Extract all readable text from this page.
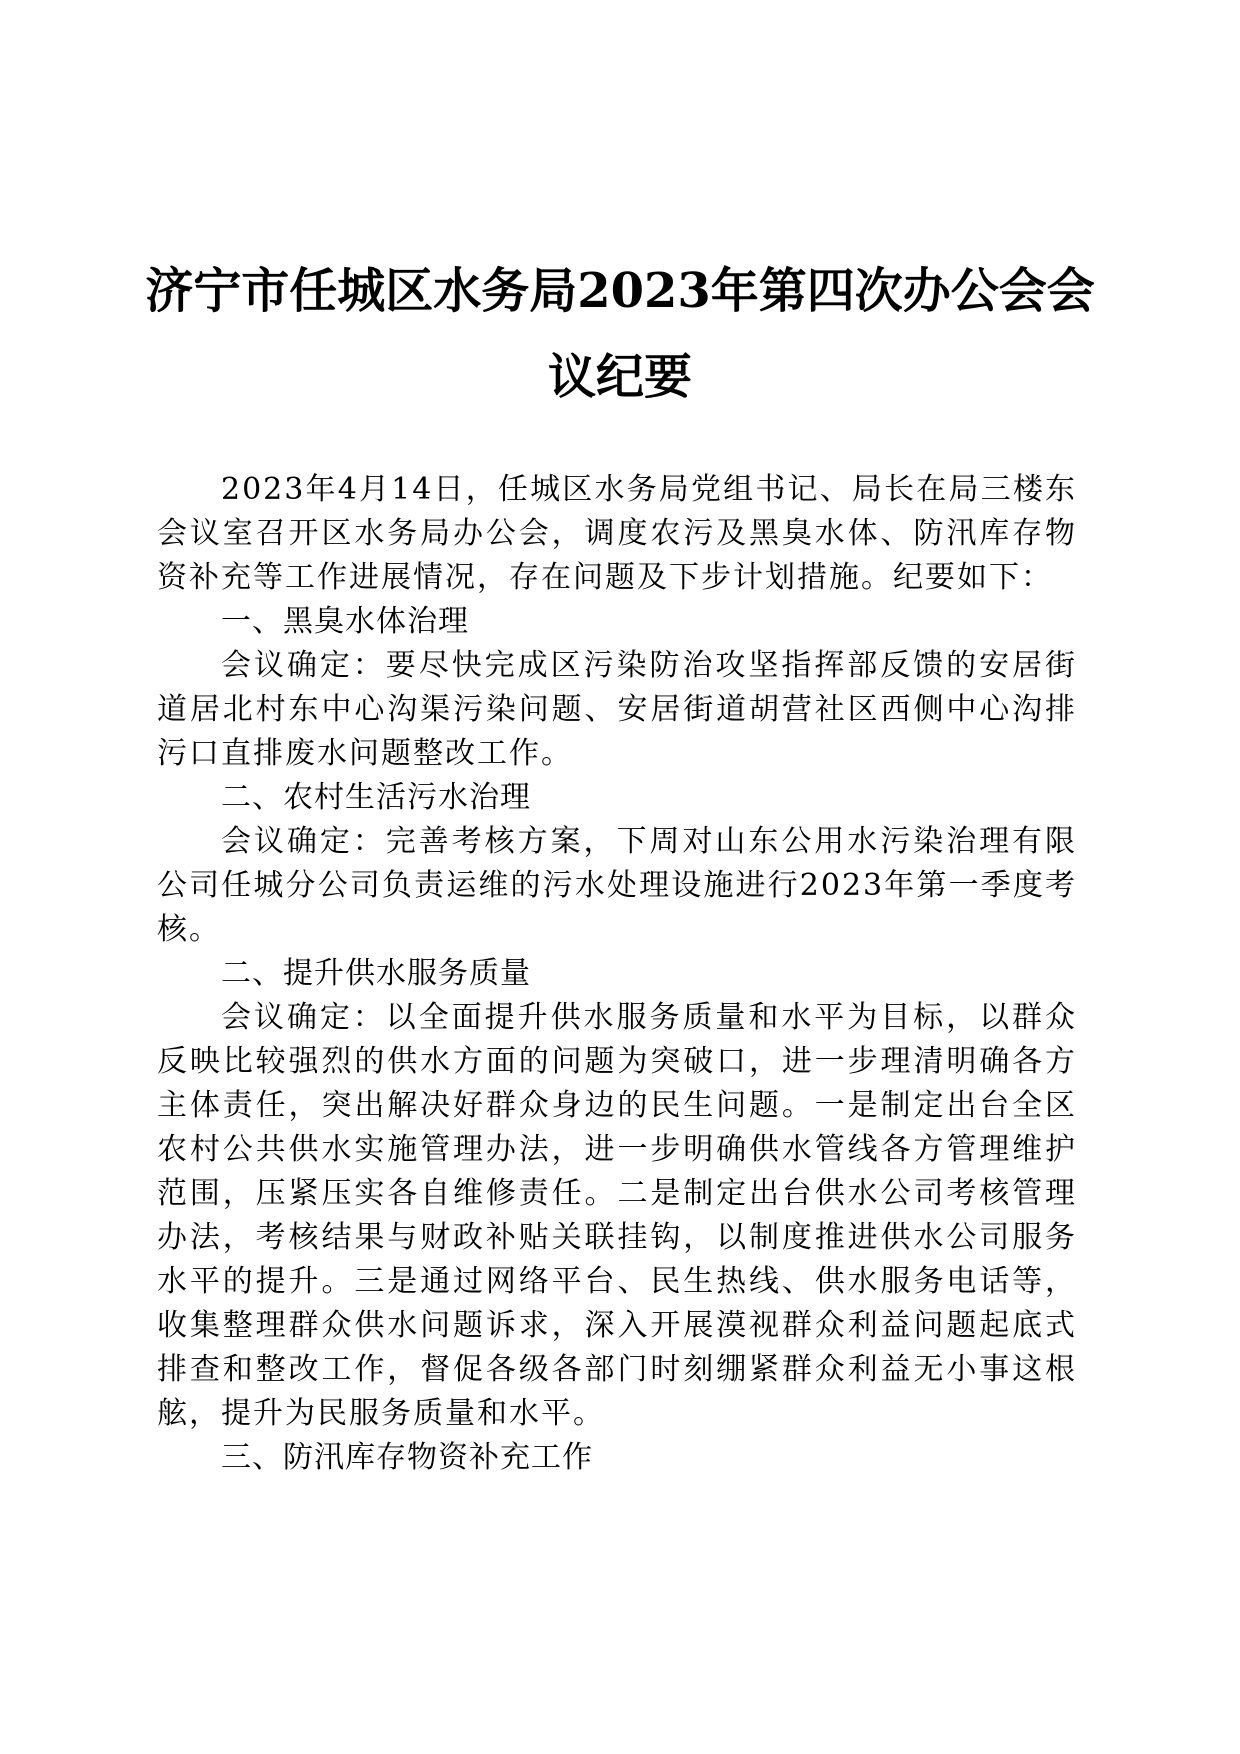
济宁市任城区水务局2023年第四次办公会会
议纪要

2023年4月14日，任城区水务局党组书记、局长在局三楼东会议室召开区水务局办公会，调度农污及黑臭水体、防汛库存物资补充等工作进展情况，存在问题及下步计划措施。纪要如下：

一、黑臭水体治理

会议确定：要尽快完成区污染防治攻坚指挥部反馈的安居街道居北村东中心沟渠污染问题、安居街道胡营社区西侧中心沟排污口直排废水问题整改工作。

二、农村生活污水治理

会议确定：完善考核方案，下周对山东公用水污染治理有限公司任城分公司负责运维的污水处理设施进行2023年第一季度考核。

二、提升供水服务质量

会议确定：以全面提升供水服务质量和水平为目标，以群众反映比较强烈的供水方面的问题为突破口，进一步理清明确各方主体责任，突出解决好群众身边的民生问题。一是制定出台全区农村公共供水实施管理办法，进一步明确供水管线各方管理维护范围，压紧压实各自维修责任。二是制定出台供水公司考核管理办法，考核结果与财政补贴关联挂钩，以制度推进供水公司服务水平的提升。三是通过网络平台、民生热线、供水服务电话等，收集整理群众供水问题诉求，深入开展漠视群众利益问题起底式排查和整改工作，督促各级各部门时刻绷紧群众利益无小事这根舷，提升为民服务质量和水平。

三、防汛库存物资补充工作
